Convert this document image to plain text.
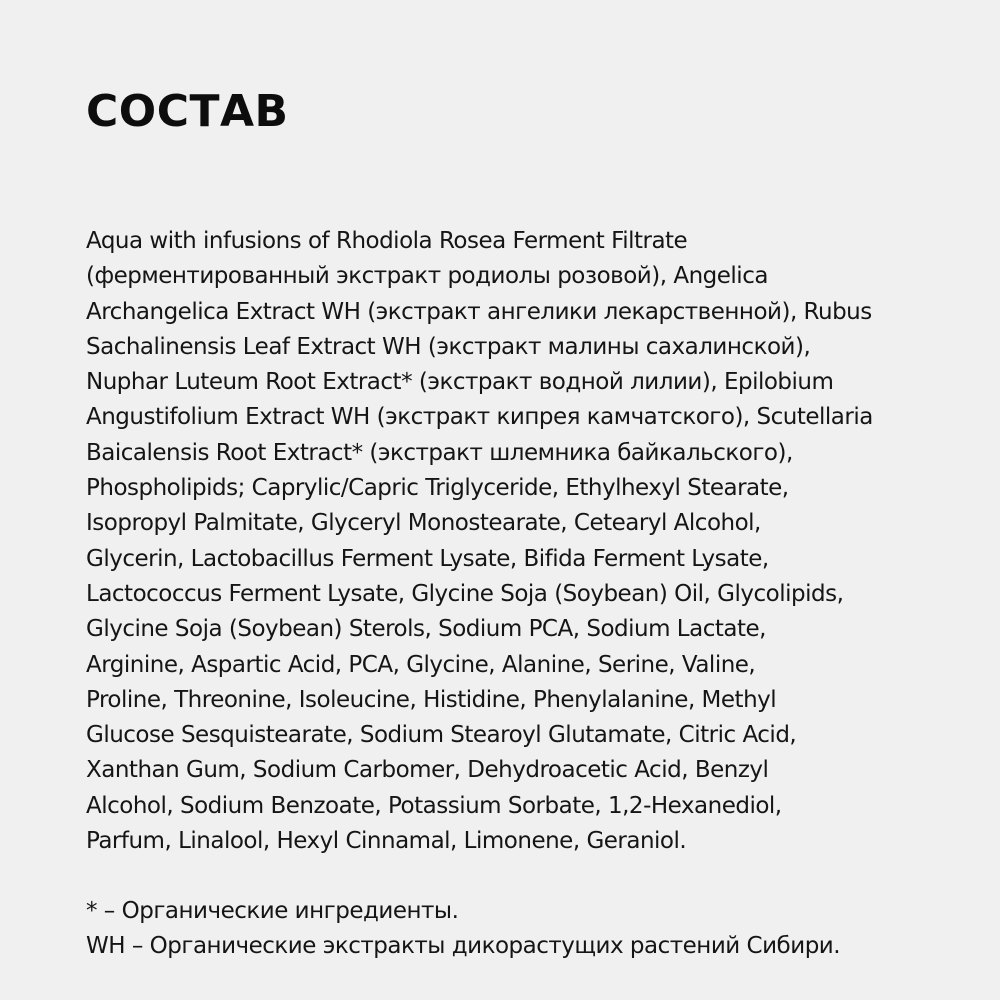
СОСТАВ
Aqua with infusions of Rhodiola Rosea Ferment Filtrate
(ферментированный экстракт родиолы розовой), Angelica
Archangelica Extract WH (экстракт ангелики лекарственной), Rubus
Sachalinensis Leaf Extract WH (экстракт малины сахалинской),
Nuphar Luteum Root Extract* (экстракт водной лилии), Epilobium
Angustifolium Extract WH (экстракт кипрея камчатского), Scutellaria
Baicalensis Root Extract* (экстракт шлемника байкальского),
Phospholipids; Caprylic/Capric Triglyceride, Ethylhexyl Stearate,
Isopropyl Palmitate, Glyceryl Monostearate, Cetearyl Alcohol,
Glycerin, Lactobacillus Ferment Lysate, Bifida Ferment Lysate,
Lactococcus Ferment Lysate, Glycine Soja (Soybean) Oil, Glycolipids,
Glycine Soja (Soybean) Sterols, Sodium PCA, Sodium Lactate,
Arginine, Aspartic Acid, PCA, Glycine, Alanine, Serine, Valine,
Proline, Threonine, Isoleucine, Histidine, Phenylalanine, Methyl
Glucose Sesquistearate, Sodium Stearoyl Glutamate, Citric Acid,
Xanthan Gum, Sodium Carbomer, Dehydroacetic Acid, Benzyl
Alcohol, Sodium Benzoate, Potassium Sorbate, 1,2-Hexanediol,
Parfum, Linalool, Hexyl Cinnamal, Limonene, Geraniol.
* – Органические ингредиенты.
WH – Органические экстракты дикорастущих растений Сибири.
